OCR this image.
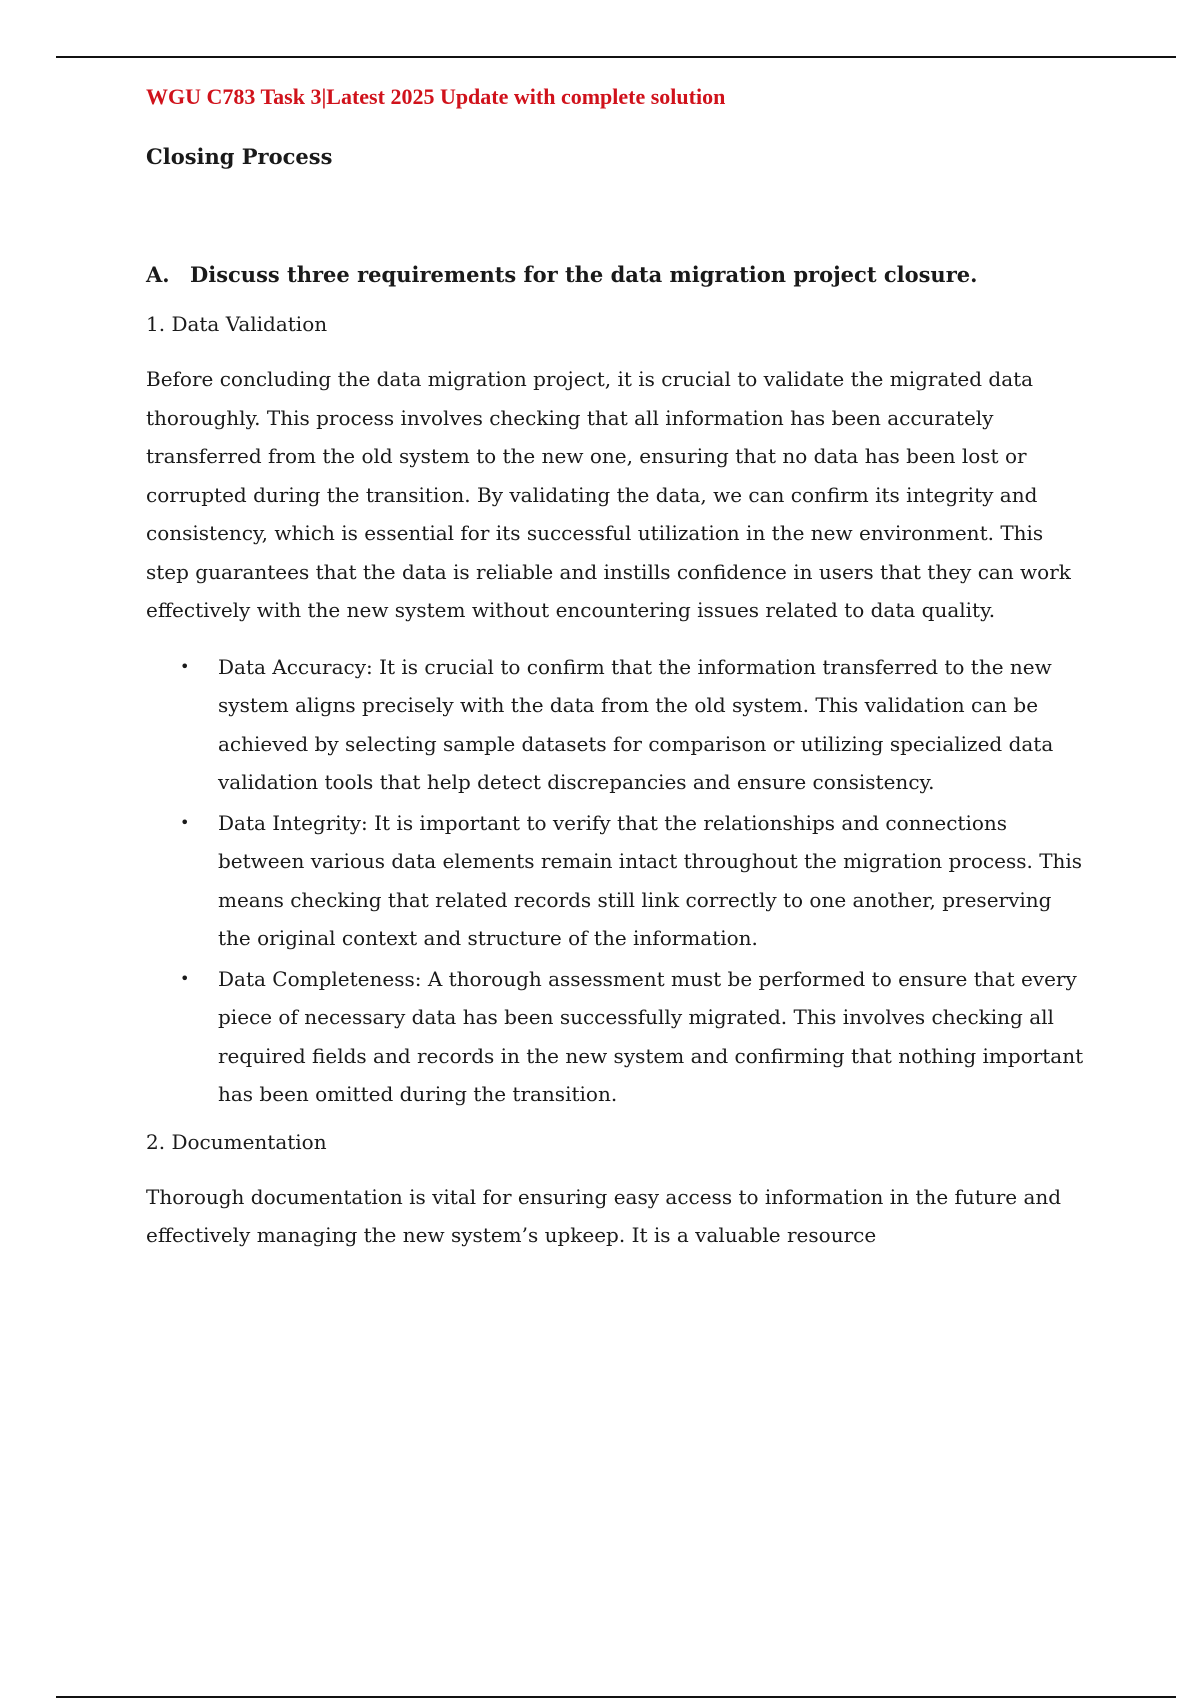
WGU C783 Task 3|Latest 2025 Update with complete solution

Closing Process

A. Discuss three requirements for the data migration project closure.

1. Data Validation

Before concluding the data migration project, it is crucial to validate the migrated data thoroughly. This process involves checking that all information has been accurately transferred from the old system to the new one, ensuring that no data has been lost or corrupted during the transition. By validating the data, we can confirm its integrity and consistency, which is essential for its successful utilization in the new environment. This step guarantees that the data is reliable and instills confidence in users that they can work effectively with the new system without encountering issues related to data quality.

• Data Accuracy: It is crucial to confirm that the information transferred to the new system aligns precisely with the data from the old system. This validation can be achieved by selecting sample datasets for comparison or utilizing specialized data validation tools that help detect discrepancies and ensure consistency.
• Data Integrity: It is important to verify that the relationships and connections between various data elements remain intact throughout the migration process. This means checking that related records still link correctly to one another, preserving the original context and structure of the information.
• Data Completeness: A thorough assessment must be performed to ensure that every piece of necessary data has been successfully migrated. This involves checking all required fields and records in the new system and confirming that nothing important has been omitted during the transition.

2. Documentation

Thorough documentation is vital for ensuring easy access to information in the future and effectively managing the new system’s upkeep. It is a valuable resource
